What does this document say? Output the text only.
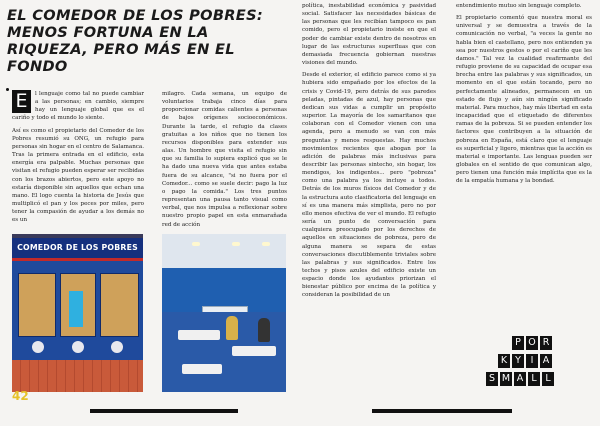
EL COMEDOR DE LOS POBRES: MENOS FORTUNA EN LA RIQUEZA, PERO MÁS EN EL FONDO

E	l lenguaje como tal no puede cambiar a las personas; en cambio, siempre hay un lenguaje global que es el cariño y todo el mundo lo siente.

Así es como el propietario del Comedor de los Pobres resumió su ONG, un refugio para personas sin hogar en el centro de Salamanca. Tras la primera entrada en el edificio, esta energía era palpable. Muchas personas que visitan el refugio pueden esperar ser recibidas con los brazos abiertos, pero este apoyo no estaría disponible sin aquellos que echan una mano. El logo cuenta la historia de Jesús que multiplicó el pan y los peces por miles, pero tener la compasión de ayudar a los demás no es un

milagro. Cada semana, un equipo de voluntarios trabaja cinco días para proporcionar comidas calientes a personas de bajos orígenes socioeconómicos. Durante la tarde, el refugio da clases gratuitas a los niños que no tienen los recursos disponibles para extender sus alas. Un hombre que visita el refugio sin que su familia lo supiera explicó que se le ha dado una nueva vida que antes estaba fuera de su alcance, "si no fuera por el Comedor... como se suele decir: pago la luz o pago la comida." Los tres puntos representan una pausa tanto visual como verbal, que nos impulsa a reflexionar sobre nuestro propio papel en esta enmarañada red de acción

COMEDOR DE LOS POBRES

política, inestabilidad económica y pasividad social. Satisfacer las necesidades básicas de las personas que les recibían tampoco es pan comido, pero el propietario insiste en que el poder de cambiar existe dentro de nosotros en lugar de las estructuras superfluas que con demasiada frecuencia gobiernan nuestras visiones del mundo.

Desde el exterior, el edificio parece como si ya hubiera sido empañado por los efectos de la crisis y Covid-19, pero detrás de sus paredes peladas, pintadas de azul, hay personas que dedican sus vidas a cumplir un propósito superior. La mayoría de los samaritanos que colaboran con el Comedor vienen con una agenda, pero a menudo se van con más preguntas y menos respuestas. Hay muchos movimientos recientes que abogan por la adición de palabras más inclusivas para describir las personas sintecho, sin hogar, los mendigos, los indigentes... pero "pobreza" como una palabra ya los incluye a todos. Detrás de los muros físicos del Comedor y de la estructura auto clasificatoria del lenguaje en sí es una manera más simplista, pero no por ello menos efectiva de ver el mundo. El refugio sería un punto de conversación para cualquiera preocupado por los derechos de aquellos en situaciones de pobreza, pero de alguna manera se separa de estas conversaciones discutiblemente triviales sobre las palabras y sus significados. Entre los techos y pisos azules del edificio existe un espacio donde los ayudantes priorizan el bienestar público por encima de la política y consideran la posibilidad de un

entendimiento mutuo sin lenguaje completo.

El propietario comentó que nuestra moral es universal y se demuestra a través de la comunicación no verbal, "a veces la gente no habla bien el castellano, pero nos entienden ya sea por nuestros gestos o por el cariño que les damos." Tal vez la cualidad reafirmante del refugio proviene de su capacidad de ocupar esa brecha entre las palabras y sus significados, un momento en el que están tocando, pero no perfectamente alineados, permanecen en un estado de flujo y aún sin ningún significado material. Para muchos, hay más libertad en esta incapacidad que el etiquetado de diferentes ramas de la pobreza. Si se pueden entender los factores que contribuyen a la situación de pobreza en España, está claro que el lenguaje es superficial y ligero, mientras que la acción es material e importante. Las lenguas pueden ser globales en el sentido de que comunican algo, pero tienen una función más implícita que es la de la empatía humana y la bondad.

42
P O R
K Y	I A
S M A L L
